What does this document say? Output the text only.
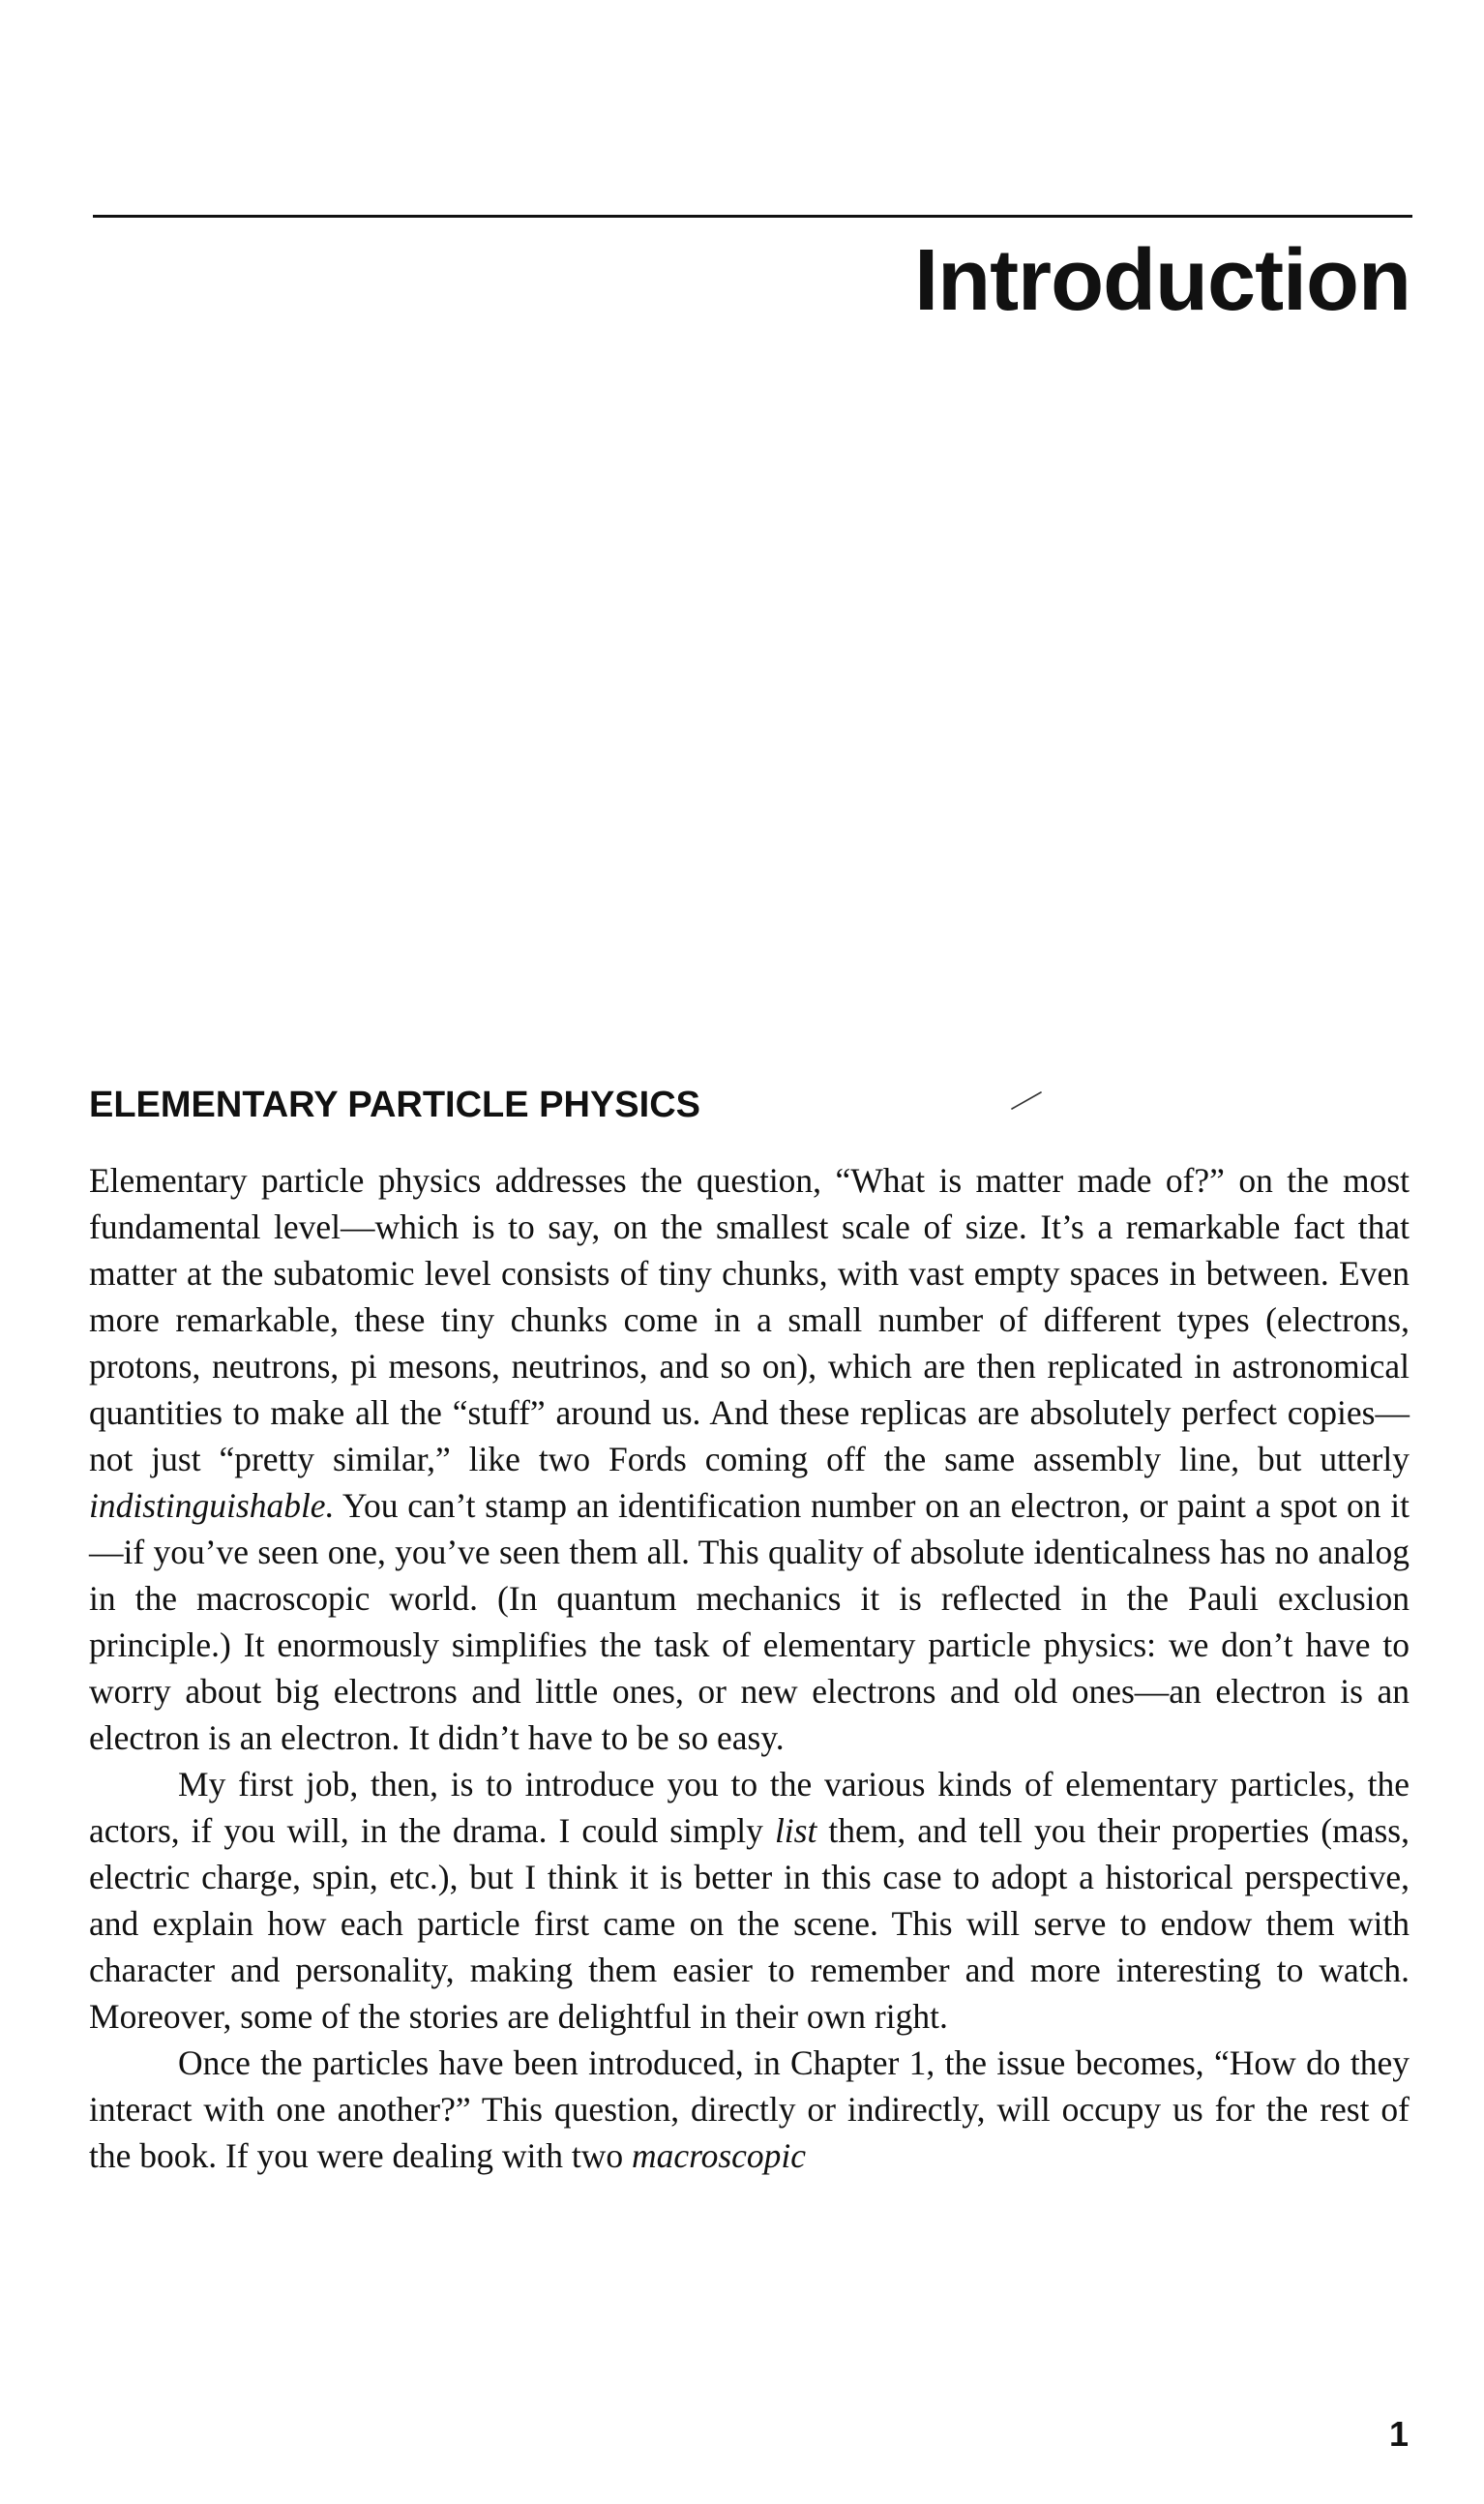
Introduction
ELEMENTARY PARTICLE PHYSICS

Elementary particle physics addresses the question, “What is matter made of?” on the most fundamental level—which is to say, on the smallest scale of size. It’s a remarkable fact that matter at the subatomic level consists of tiny chunks, with vast empty spaces in between. Even more remarkable, these tiny chunks come in a small number of different types (electrons, protons, neutrons, pi mesons, neutrinos, and so on), which are then replicated in astronomical quantities to make all the “stuff” around us. And these replicas are absolutely perfect copies—not just “pretty similar,” like two Fords coming off the same assembly line, but utterly indistinguishable. You can’t stamp an identification number on an electron, or paint a spot on it—if you’ve seen one, you’ve seen them all. This quality of absolute identicalness has no analog in the macroscopic world. (In quantum mechanics it is reflected in the Pauli exclusion principle.) It enormously simplifies the task of elementary particle physics: we don’t have to worry about big electrons and little ones, or new electrons and old ones—an electron is an electron is an electron. It didn’t have to be so easy.

My first job, then, is to introduce you to the various kinds of elementary particles, the actors, if you will, in the drama. I could simply list them, and tell you their properties (mass, electric charge, spin, etc.), but I think it is better in this case to adopt a historical perspective, and explain how each particle first came on the scene. This will serve to endow them with character and personality, making them easier to remember and more interesting to watch. Moreover, some of the stories are delightful in their own right.

Once the particles have been introduced, in Chapter 1, the issue becomes, “How do they interact with one another?” This question, directly or indirectly, will occupy us for the rest of the book. If you were dealing with two macroscopic

1
